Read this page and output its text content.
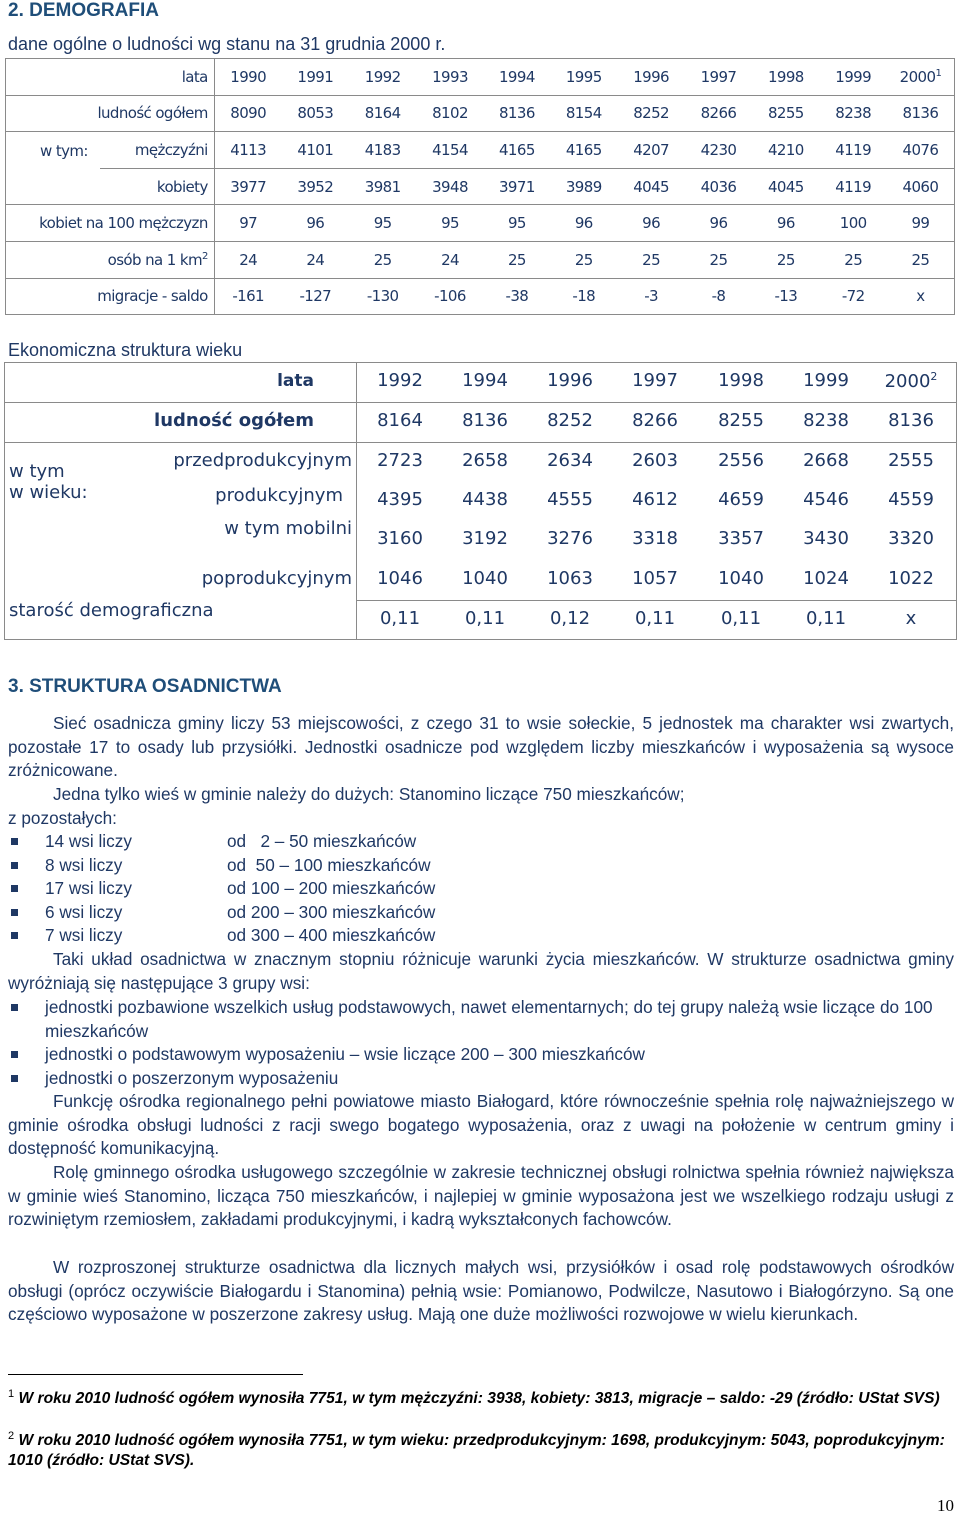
2. DEMOGRAFIA
dane ogólne o ludności wg stanu na 31 grudnia 2000 r.
lata		1990	1991	1992	1993	1994	1995	1996	1997	1998	1999	2000$^1$
ludność ogółem		8090	8053	8164	8102	8136	8154	8252	8266	8255	8238	8136
w tym:	mężczyźni	4113	4101	4183	4154	4165	4165	4207	4230	4210	4119	4076
	kobiety	3977	3952	3981	3948	3971	3989	4045	4036	4045	4119	4060
kobiet na 100 mężczyzn		97	96	95	95	95	96	96	96	96	100	99
osób na 1 $km^2$		24	24	25	24	25	25	25	25	25	25	25
migracje - saldo		-161	-127	-130	-106	-38	-18	-3	-8	-13	-72	x
Ekonomiczna struktura wieku
lata	1992	1994	1996	1997	1998	1999	2000$^2$
ludność ogółem	8164	8136	8252	8266	8255	8238	8136
przedprodukcyjnym	2723	2658	2634	2603	2556	2668	2555
produkcyjnym	4395	4438	4555	4612	4659	4546	4559
w tym mobilni	3160	3192	3276	3318	3357	3430	3320
poprodukcyjnym	1046	1040	1063	1057	1040	1024	1022
starość demograficzna	0,11	0,11	0,12	0,11	0,11	0,11	x
w tym
w wieku:
3. STRUKTURA OSADNICTWA

Sieć osadnicza gminy liczy 53 miejscowości, z czego 31 to wsie sołeckie, 5 jednostek ma charakter wsi zwartych, pozostałe 17 to osady lub przysiółki. Jednostki osadnicze pod względem liczby mieszkańców i wyposażenia są wysoce zróżnicowane.

Jedna tylko wieś w gminie należy do dużych: Stanomino liczące 750 mieszkańców;

z pozostałych:

14 wsi liczy	od   2 – 50 mieszkańców
8 wsi liczy	od  50 – 100 mieszkańców
17 wsi liczy	od 100 – 200 mieszkańców
6 wsi liczy	od 200 – 300 mieszkańców
7 wsi liczy	od 300 – 400 mieszkańców

Taki układ osadnictwa w znacznym stopniu różnicuje warunki życia mieszkańców. W strukturze osadnictwa gminy wyróżniają się następujące 3 grupy wsi:

jednostki pozbawione wszelkich usług podstawowych, nawet elementarnych; do tej grupy należą wsie liczące do 100 mieszkańców
jednostki o podstawowym wyposażeniu – wsie liczące 200 – 300 mieszkańców
jednostki o poszerzonym wyposażeniu

Funkcję ośrodka regionalnego pełni powiatowe miasto Białogard, które równocześnie spełnia rolę najważniejszego w gminie ośrodka obsługi ludności z racji swego bogatego wyposażenia, oraz z uwagi na położenie w centrum gminy i dostępność komunikacyjną.

Rolę gminnego ośrodka usługowego szczególnie w zakresie technicznej obsługi rolnictwa spełnia również największa w gminie wieś Stanomino, licząca 750 mieszkańców, i najlepiej w gminie wyposażona jest we wszelkiego rodzaju usługi z rozwiniętym rzemiosłem, zakładami produkcyjnymi, i kadrą wykształconych fachowców.

W rozproszonej strukturze osadnictwa dla licznych małych wsi, przysiółków i osad rolę podstawowych ośrodków obsługi (oprócz oczywiście Białogardu i Stanomina) pełnią wsie: Pomianowo, Podwilcze, Nasutowo i Białogórzyno. Są one częściowo wyposażone w poszerzone zakresy usług. Mają one duże możliwości rozwojowe w wielu kierunkach.

$^1$ W roku 2010 ludność ogółem wynosiła 7751, w tym mężczyźni: 3938, kobiety: 3813, migracje – saldo: -29 (źródło: UStat SVS)
$^2$ W roku 2010 ludność ogółem wynosiła 7751, w tym wieku: przedprodukcyjnym: 1698, produkcyjnym: 5043, poprodukcyjnym: 1010 (źródło: UStat SVS).
10
